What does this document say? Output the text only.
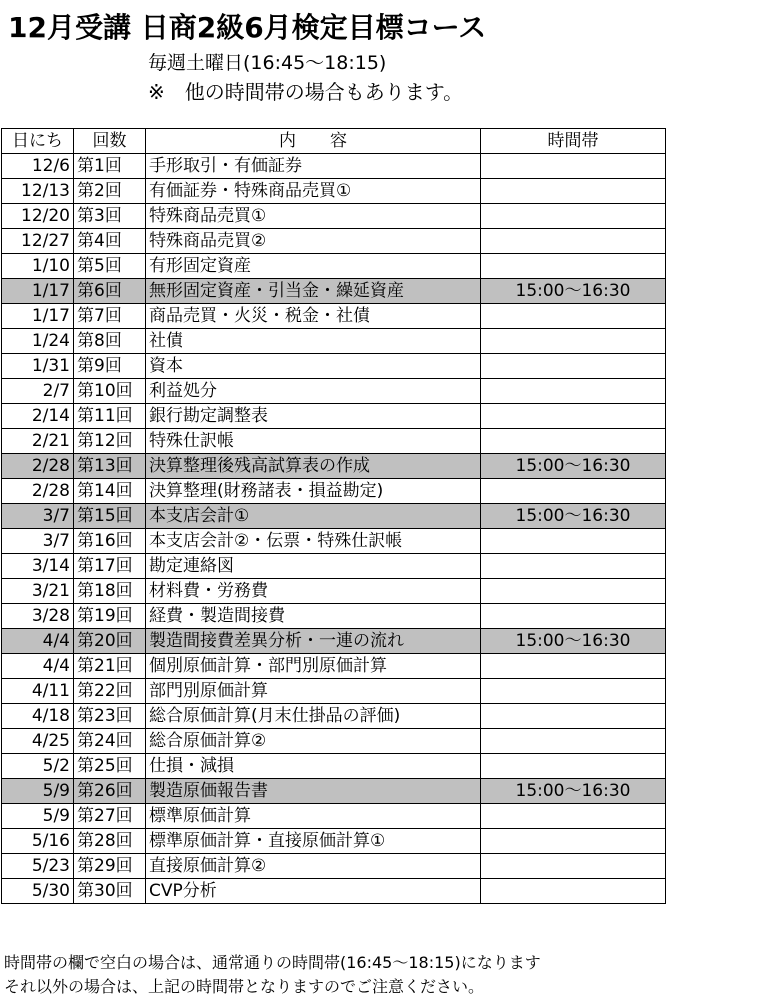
12月受講 日商2級6月検定目標コース
毎週土曜日(16:45〜18:15)
※　他の時間帯の場合もあります。
日にち	回数	内　　容	時間帯
12/6	第1回	手形取引・有価証券	
12/13	第2回	有価証券・特殊商品売買①	
12/20	第3回	特殊商品売買①	
12/27	第4回	特殊商品売買②	
1/10	第5回	有形固定資産	
1/17	第6回	無形固定資産・引当金・繰延資産	15:00〜16:30
1/17	第7回	商品売買・火災・税金・社債	
1/24	第8回	社債	
1/31	第9回	資本	
2/7	第10回	利益処分	
2/14	第11回	銀行勘定調整表	
2/21	第12回	特殊仕訳帳	
2/28	第13回	決算整理後残高試算表の作成	15:00〜16:30
2/28	第14回	決算整理(財務諸表・損益勘定)	
3/7	第15回	本支店会計①	15:00〜16:30
3/7	第16回	本支店会計②・伝票・特殊仕訳帳	
3/14	第17回	勘定連絡図	
3/21	第18回	材料費・労務費	
3/28	第19回	経費・製造間接費	
4/4	第20回	製造間接費差異分析・一連の流れ	15:00〜16:30
4/4	第21回	個別原価計算・部門別原価計算	
4/11	第22回	部門別原価計算	
4/18	第23回	総合原価計算(月末仕掛品の評価)	
4/25	第24回	総合原価計算②	
5/2	第25回	仕損・減損	
5/9	第26回	製造原価報告書	15:00〜16:30
5/9	第27回	標準原価計算	
5/16	第28回	標準原価計算・直接原価計算①	
5/23	第29回	直接原価計算②	
5/30	第30回	CVP分析	
時間帯の欄で空白の場合は、通常通りの時間帯(16:45〜18:15)になります
それ以外の場合は、上記の時間帯となりますのでご注意ください。
